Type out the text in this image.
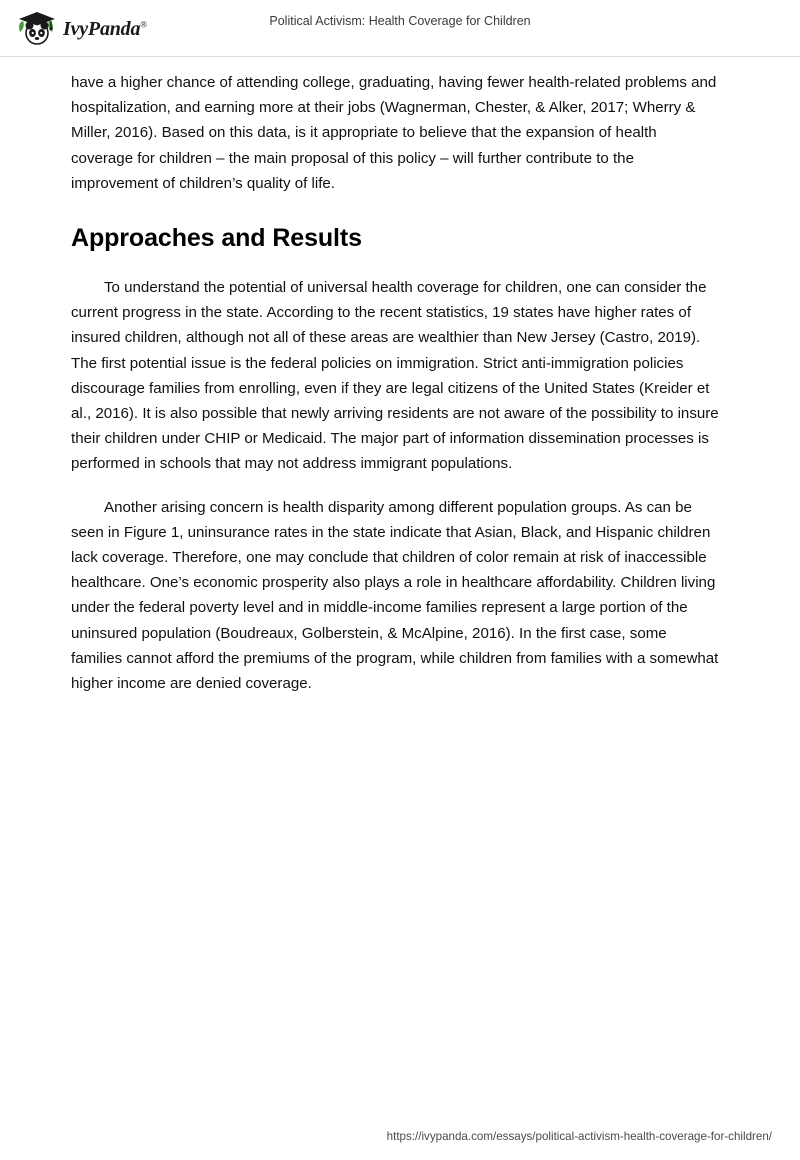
IvyPanda®	Political Activism: Health Coverage for Children

have a higher chance of attending college, graduating, having fewer health-related problems and hospitalization, and earning more at their jobs (Wagnerman, Chester, & Alker, 2017; Wherry & Miller, 2016). Based on this data, is it appropriate to believe that the expansion of health coverage for children – the main proposal of this policy – will further contribute to the improvement of children’s quality of life.

Approaches and Results

To understand the potential of universal health coverage for children, one can consider the current progress in the state. According to the recent statistics, 19 states have higher rates of insured children, although not all of these areas are wealthier than New Jersey (Castro, 2019). The first potential issue is the federal policies on immigration. Strict anti-immigration policies discourage families from enrolling, even if they are legal citizens of the United States (Kreider et al., 2016). It is also possible that newly arriving residents are not aware of the possibility to insure their children under CHIP or Medicaid. The major part of information dissemination processes is performed in schools that may not address immigrant populations.

Another arising concern is health disparity among different population groups. As can be seen in Figure 1, uninsurance rates in the state indicate that Asian, Black, and Hispanic children lack coverage. Therefore, one may conclude that children of color remain at risk of inaccessible healthcare. One’s economic prosperity also plays a role in healthcare affordability. Children living under the federal poverty level and in middle-income families represent a large portion of the uninsured population (Boudreaux, Golberstein, & McAlpine, 2016). In the first case, some families cannot afford the premiums of the program, while children from families with a somewhat higher income are denied coverage.

https://ivypanda.com/essays/political-activism-health-coverage-for-children/
